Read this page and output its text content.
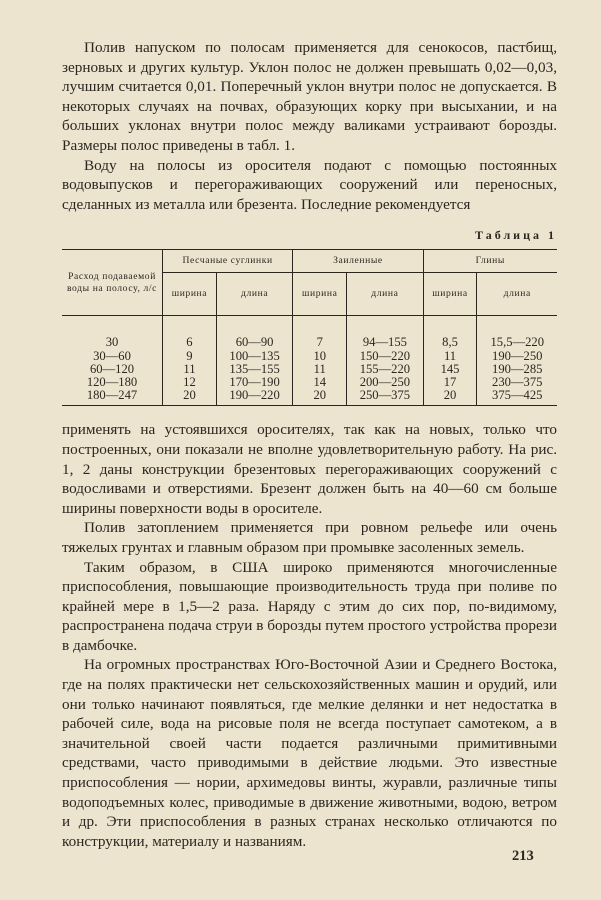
Полив напуском по полосам применяется для сенокосов, пастбищ, зерновых и других культур. Уклон полос не должен превышать 0,02—0,03, лучшим считается 0,01. Поперечный уклон внутри полос не допускается. В некоторых случаях на почвах, образующих корку при высыхании, и на больших уклонах внутри полос между валиками устраивают борозды. Размеры полос приведены в табл. 1.

Воду на полосы из оросителя подают с помощью постоянных водовыпусков и перегораживающих сооружений или переносных, сделанных из металла или брезента. Последние рекомендуется

Таблица 1
Расход подаваемой воды на полосу, л/с	Песчаные суглинки		Заиленные		Глины	
	ширина	длина	ширина	длина	ширина	длина
30	6	60—90	7	94—155	8,5	15,5—220
30—60	9	100—135	10	150—220	11	190—250
60—120	11	135—155	11	155—220	145	190—285
120—180	12	170—190	14	200—250	17	230—375
180—247	20	190—220	20	250—375	20	375—425

применять на устоявшихся оросителях, так как на новых, только что построенных, они показали не вполне удовлетворительную работу. На рис. 1, 2 даны конструкции брезентовых перегораживающих сооружений с водосливами и отверстиями. Брезент должен быть на 40—60 см больше ширины поверхности воды в оросителе.

Полив затоплением применяется при ровном рельефе или очень тяжелых грунтах и главным образом при промывке засоленных земель.

Таким образом, в США широко применяются многочисленные приспособления, повышающие производительность труда при поливе по крайней мере в 1,5—2 раза. Наряду с этим до сих пор, по-видимому, распространена подача струи в борозды путем простого устройства прорези в дамбочке.

На огромных пространствах Юго-Восточной Азии и Среднего Востока, где на полях практически нет сельскохозяйственных машин и орудий, или они только начинают появляться, где мелкие делянки и нет недостатка в рабочей силе, вода на рисовые поля не всегда поступает самотеком, а в значительной своей части подается различными примитивными средствами, часто приводимыми в действие людьми. Это известные приспособления — нории, архимедовы винты, журавли, различные типы водоподъемных колес, приводимые в движение животными, водою, ветром и др. Эти приспособления в разных странах несколько отличаются по конструкции, материалу и названиям.

213
